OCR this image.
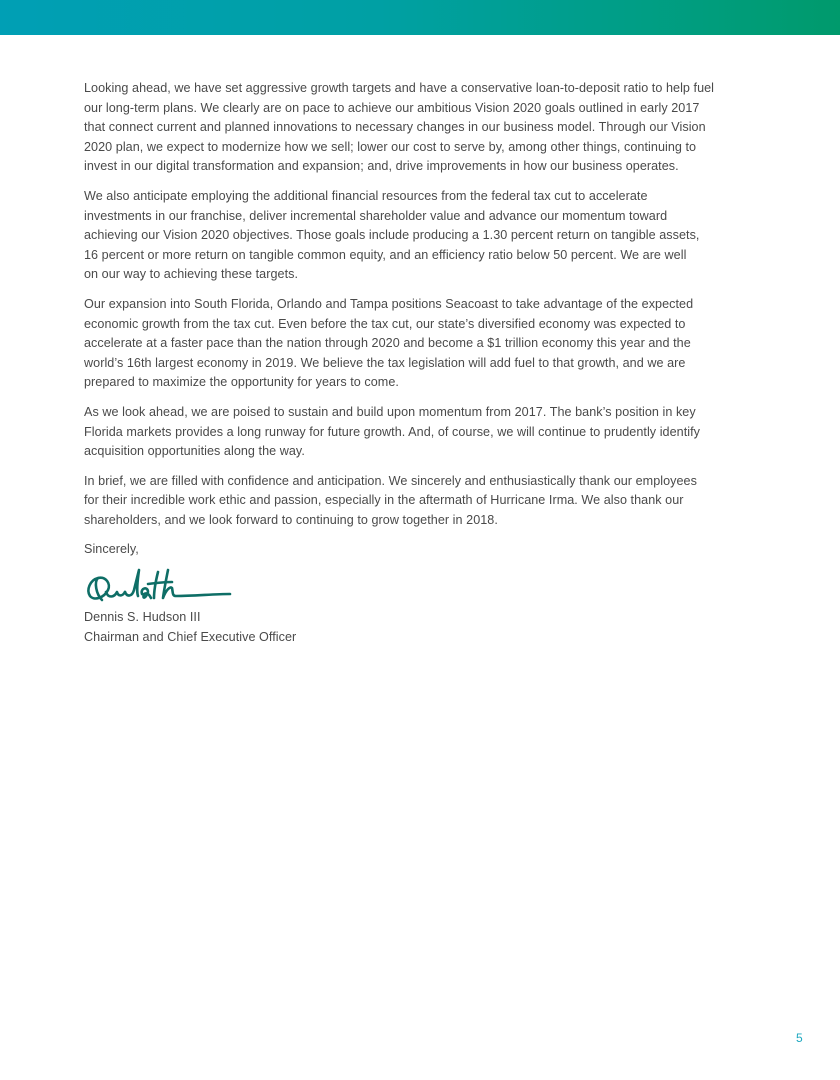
Looking ahead, we have set aggressive growth targets and have a conservative loan-to-deposit ratio to help fuel
our long-term plans. We clearly are on pace to achieve our ambitious Vision 2020 goals outlined in early 2017
that connect current and planned innovations to necessary changes in our business model. Through our Vision
2020 plan, we expect to modernize how we sell; lower our cost to serve by, among other things, continuing to
invest in our digital transformation and expansion; and, drive improvements in how our business operates.

We also anticipate employing the additional financial resources from the federal tax cut to accelerate
investments in our franchise, deliver incremental shareholder value and advance our momentum toward
achieving our Vision 2020 objectives. Those goals include producing a 1.30 percent return on tangible assets,
16 percent or more return on tangible common equity, and an efficiency ratio below 50 percent. We are well
on our way to achieving these targets.

Our expansion into South Florida, Orlando and Tampa positions Seacoast to take advantage of the expected
economic growth from the tax cut. Even before the tax cut, our state’s diversified economy was expected to
accelerate at a faster pace than the nation through 2020 and become a $1 trillion economy this year and the
world’s 16th largest economy in 2019. We believe the tax legislation will add fuel to that growth, and we are
prepared to maximize the opportunity for years to come.

As we look ahead, we are poised to sustain and build upon momentum from 2017. The bank’s position in key
Florida markets provides a long runway for future growth. And, of course, we will continue to prudently identify
acquisition opportunities along the way.

In brief, we are filled with confidence and anticipation. We sincerely and enthusiastically thank our employees
for their incredible work ethic and passion, especially in the aftermath of Hurricane Irma. We also thank our
shareholders, and we look forward to continuing to grow together in 2018.

Sincerely,
Dennis S. Hudson III
Chairman and Chief Executive Officer
5
